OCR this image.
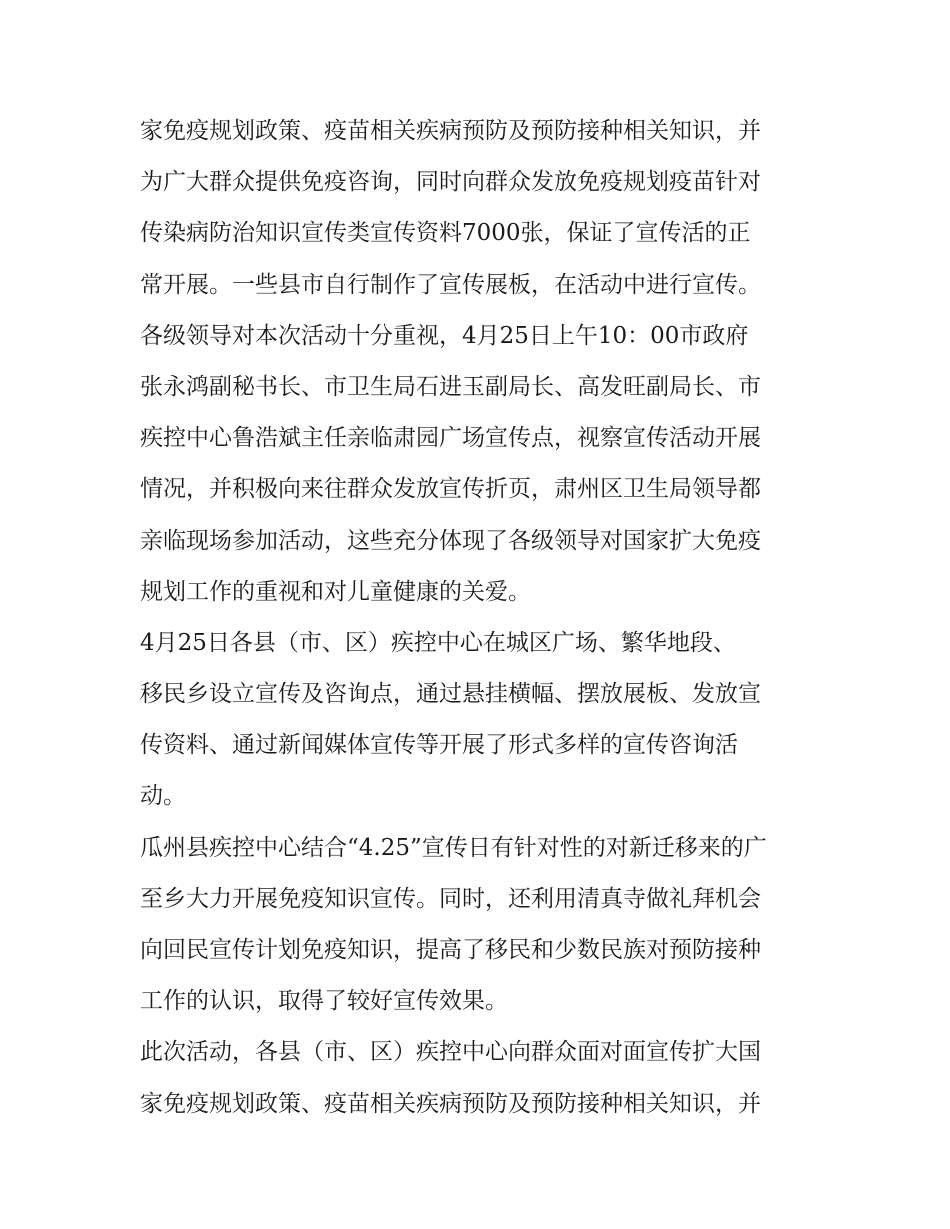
家免疫规划政策、疫苗相关疾病预防及预防接种相关知识，并
为广大群众提供免疫咨询，同时向群众发放免疫规划疫苗针对
传染病防治知识宣传类宣传资料7000张，保证了宣传活的正
常开展。一些县市自行制作了宣传展板，在活动中进行宣传。
各级领导对本次活动十分重视，4月25日上午10：00市政府
张永鸿副秘书长、市卫生局石进玉副局长、高发旺副局长、市
疾控中心鲁浩斌主任亲临肃园广场宣传点，视察宣传活动开展
情况，并积极向来往群众发放宣传折页，肃州区卫生局领导都
亲临现场参加活动，这些充分体现了各级领导对国家扩大免疫
规划工作的重视和对儿童健康的关爱。
4月25日各县（市、区）疾控中心在城区广场、繁华地段、
移民乡设立宣传及咨询点，通过悬挂横幅、摆放展板、发放宣
传资料、通过新闻媒体宣传等开展了形式多样的宣传咨询活
动。
瓜州县疾控中心结合“4.25”宣传日有针对性的对新迁移来的广
至乡大力开展免疫知识宣传。同时，还利用清真寺做礼拜机会
向回民宣传计划免疫知识，提高了移民和少数民族对预防接种
工作的认识，取得了较好宣传效果。
此次活动，各县（市、区）疾控中心向群众面对面宣传扩大国
家免疫规划政策、疫苗相关疾病预防及预防接种相关知识，并
